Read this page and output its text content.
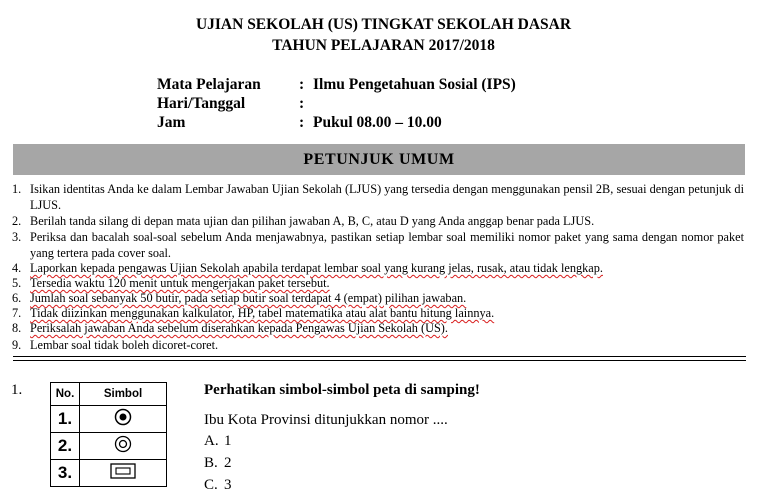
UJIAN SEKOLAH (US) TINGKAT SEKOLAH DASAR
TAHUN PELAJARAN 2017/2018
Mata Pelajaran : Ilmu Pengetahuan Sosial (IPS)
Hari/Tanggal	:
Jam	: Pukul 08.00 – 10.00
PETUNJUK UMUM
1. Isikan identitas Anda ke dalam Lembar Jawaban Ujian Sekolah (LJUS) yang tersedia dengan menggunakan pensil 2B, sesuai dengan petunjuk di LJUS.
2. Berilah tanda silang di depan mata ujian dan pilihan jawaban A, B, C, atau D yang Anda anggap benar pada LJUS.
3. Periksa dan bacalah soal-soal sebelum Anda menjawabnya, pastikan setiap lembar soal memiliki nomor paket yang sama dengan nomor paket yang tertera pada cover soal.
4. Laporkan kepada pengawas Ujian Sekolah apabila terdapat lembar soal yang kurang jelas, rusak, atau tidak lengkap.
5. Tersedia waktu 120 menit untuk mengerjakan paket tersebut.
6. Jumlah soal sebanyak 50 butir, pada setiap butir soal terdapat 4 (empat) pilihan jawaban.
7. Tidak diizinkan menggunakan kalkulator, HP, tabel matematika atau alat bantu hitung lainnya.
8. Periksalah jawaban Anda sebelum diserahkan kepada Pengawas Ujian Sekolah (US).
9. Lembar soal tidak boleh dicoret-coret.
1.	No.	Simbol
1.	
2.	
3.	
Perhatikan simbol-simbol peta di samping!
Ibu Kota Provinsi ditunjukkan nomor ....
A. 1
B. 2
C. 3
